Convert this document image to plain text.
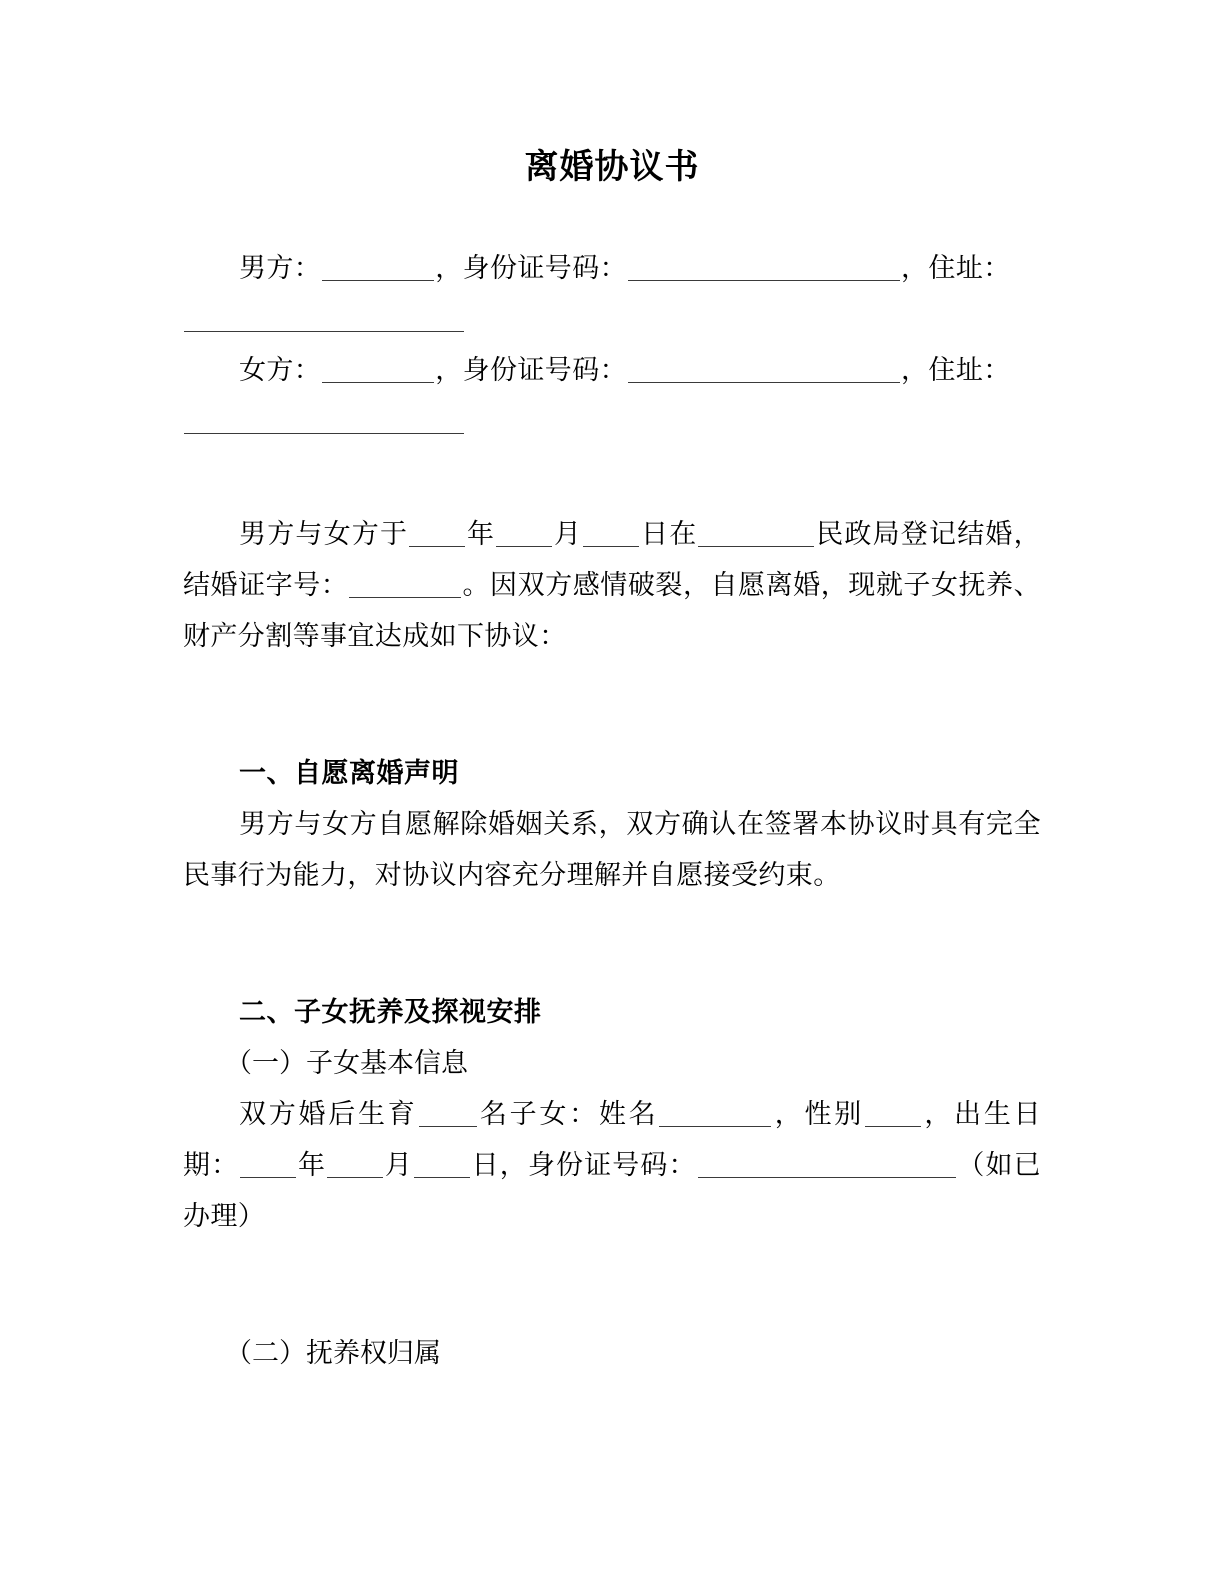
离婚协议书

男方：	，身份证号码：	，住址：

女方：	，身份证号码：	，住址：

男方与女方于 年 月 日在	民政局登记结婚，结婚证字号：	。因双方感情破裂，自愿离婚，现就子女抚养、财产分割等事宜达成如下协议：

一、自愿离婚声明

男方与女方自愿解除婚姻关系，双方确认在签署本协议时具有完全民事行为能力，对协议内容充分理解并自愿接受约束。

二、子女抚养及探视安排

（一）子女基本信息

双方婚后生育 名子女：姓名	，性别 ，出生日期： 年 月 日，身份证号码：	（如已办理）

（二）抚养权归属
